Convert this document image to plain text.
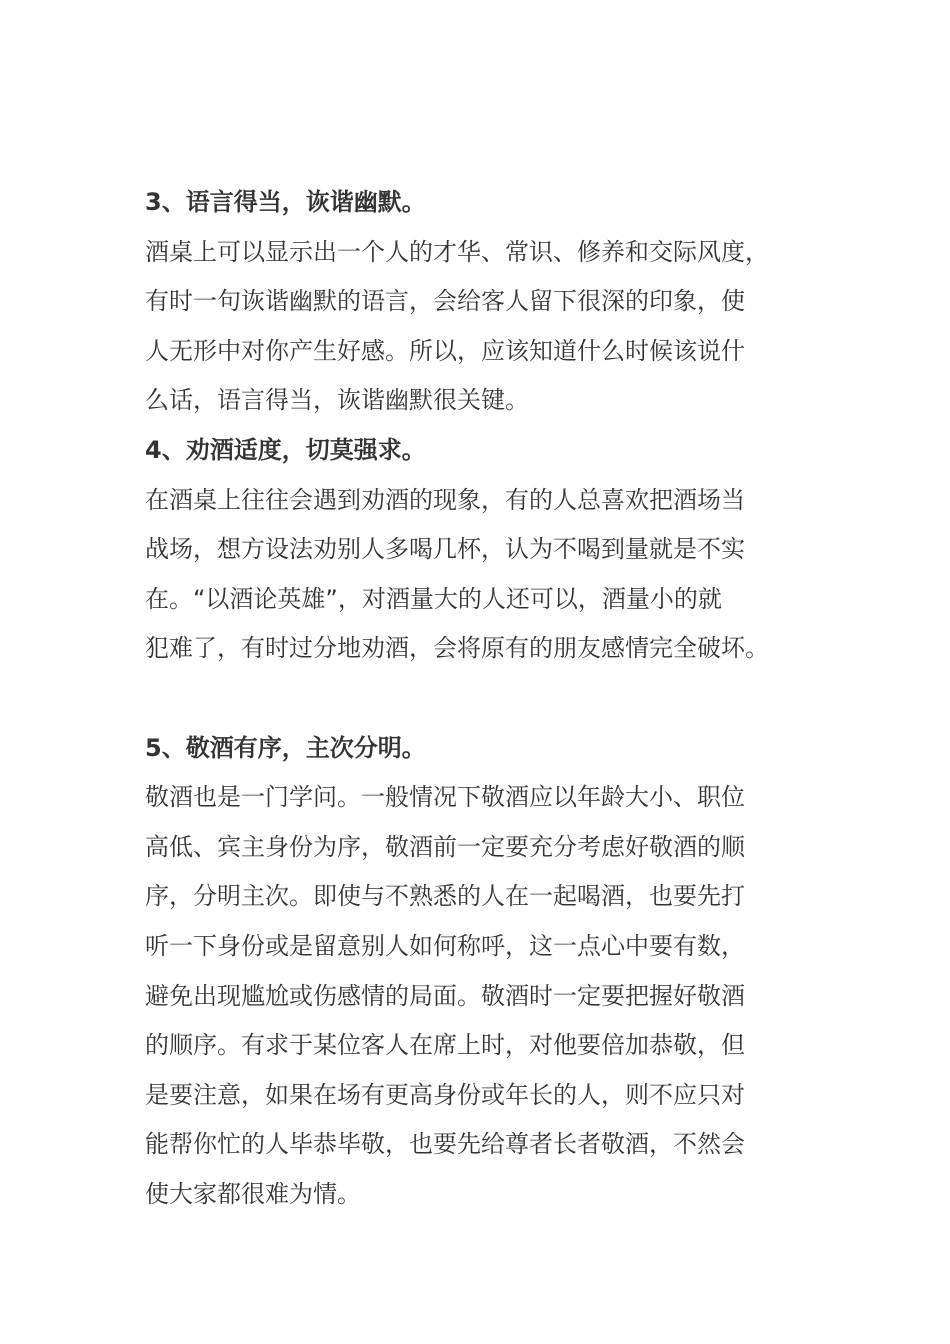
3、语言得当，诙谐幽默。
酒桌上可以显示出一个人的才华、常识、修养和交际风度，
有时一句诙谐幽默的语言，会给客人留下很深的印象，使
人无形中对你产生好感。所以，应该知道什么时候该说什
么话，语言得当，诙谐幽默很关键。
4、劝酒适度，切莫强求。
在酒桌上往往会遇到劝酒的现象，有的人总喜欢把酒场当
战场，想方设法劝别人多喝几杯，认为不喝到量就是不实
在。“以酒论英雄”，对酒量大的人还可以，酒量小的就
犯难了，有时过分地劝酒，会将原有的朋友感情完全破坏。
5、敬酒有序，主次分明。
敬酒也是一门学问。一般情况下敬酒应以年龄大小、职位
高低、宾主身份为序，敬酒前一定要充分考虑好敬酒的顺
序，分明主次。即使与不熟悉的人在一起喝酒，也要先打
听一下身份或是留意别人如何称呼，这一点心中要有数，
避免出现尴尬或伤感情的局面。敬酒时一定要把握好敬酒
的顺序。有求于某位客人在席上时，对他要倍加恭敬，但
是要注意，如果在场有更高身份或年长的人，则不应只对
能帮你忙的人毕恭毕敬，也要先给尊者长者敬酒，不然会
使大家都很难为情。
